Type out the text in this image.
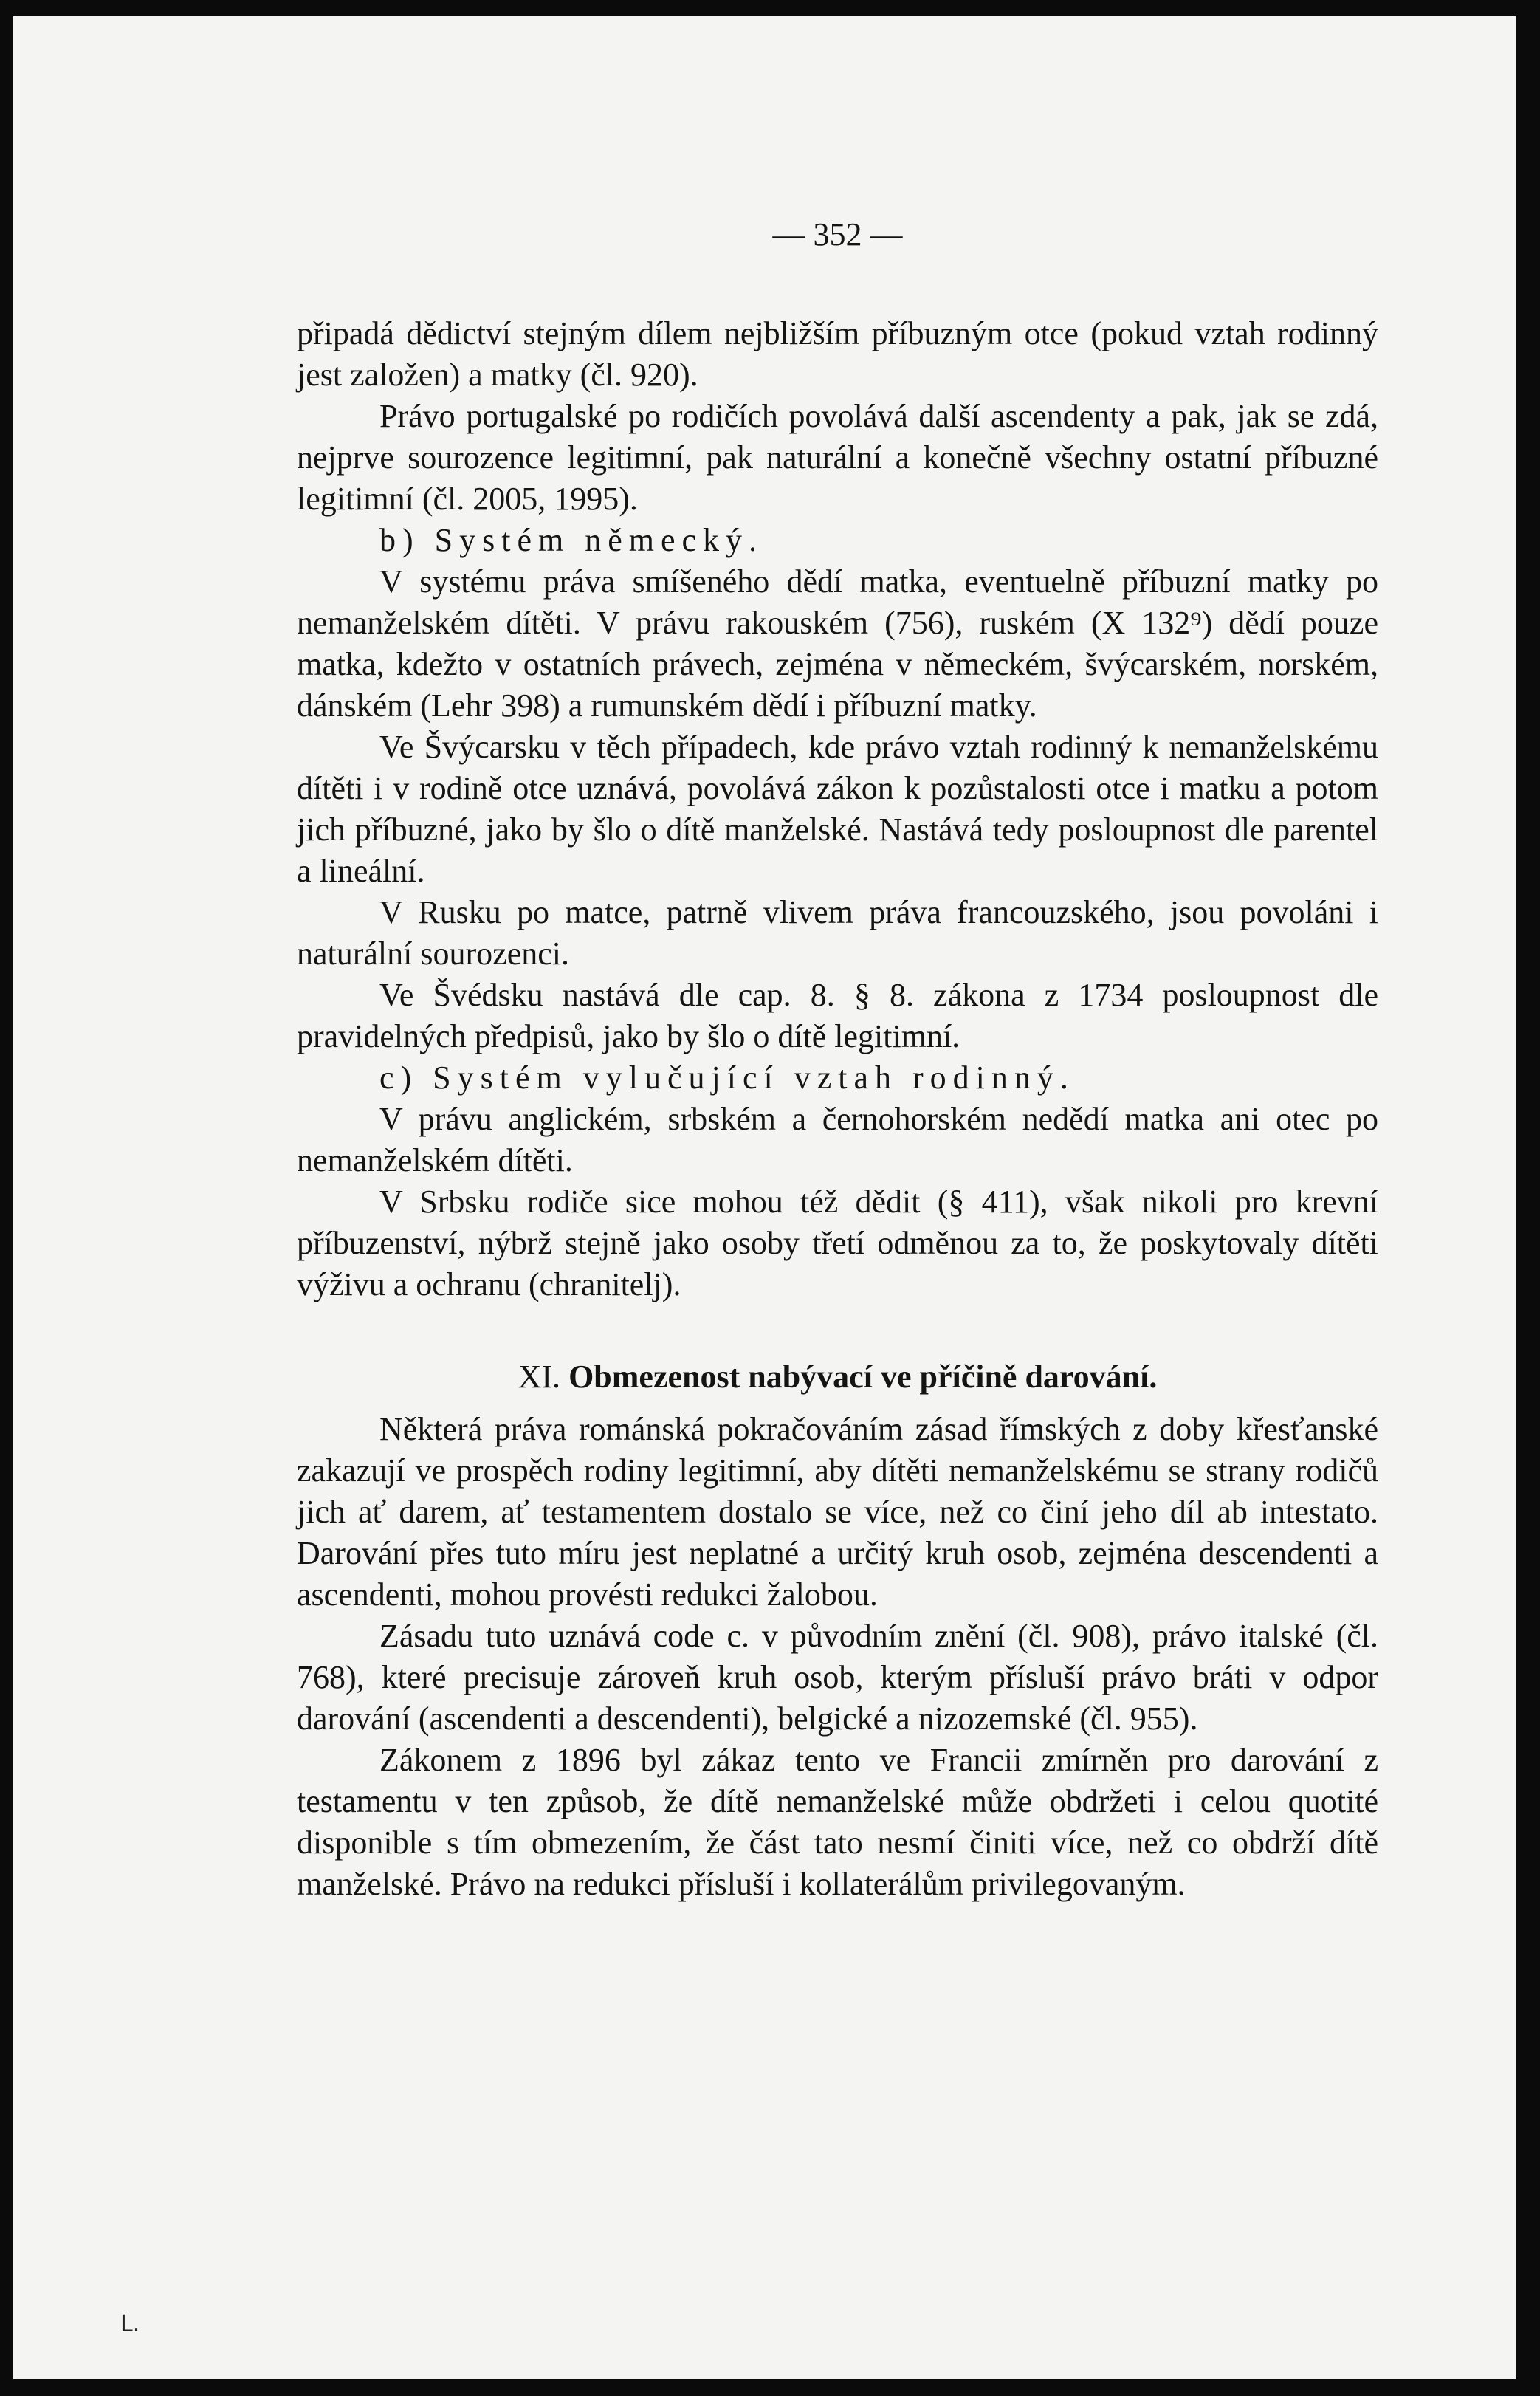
— 352 —

připadá dědictví stejným dílem nejbližším příbuzným otce (pokud vztah rodinný jest založen) a matky (čl. 920).

Právo portugalské po rodičích povolává další ascendenty a pak, jak se zdá, nejprve sourozence legitimní, pak naturální a konečně všechny ostatní příbuzné legitimní (čl. 2005, 1995).

b) Systém německý.

V systému práva smíšeného dědí matka, eventuelně příbuzní matky po nemanželském dítěti. V právu rakouském (756), ruském (X 132⁹) dědí pouze matka, kdežto v ostatních právech, zejména v německém, švýcarském, norském, dánském (Lehr 398) a rumunském dědí i příbuzní matky.

Ve Švýcarsku v těch případech, kde právo vztah rodinný k nemanželskému dítěti i v rodině otce uznává, povolává zákon k pozůstalosti otce i matku a potom jich příbuzné, jako by šlo o dítě manželské. Nastává tedy posloupnost dle parentel a lineální.

V Rusku po matce, patrně vlivem práva francouzského, jsou povoláni i naturální sourozenci.

Ve Švédsku nastává dle cap. 8. § 8. zákona z 1734 posloupnost dle pravidelných předpisů, jako by šlo o dítě legitimní.

c) Systém vylučující vztah rodinný.

V právu anglickém, srbském a černohorském nedědí matka ani otec po nemanželském dítěti.

V Srbsku rodiče sice mohou též dědit (§ 411), však nikoli pro krevní příbuzenství, nýbrž stejně jako osoby třetí odměnou za to, že poskytovaly dítěti výživu a ochranu (chranitelj).

XI. Obmezenost nabývací ve příčině darování.

Některá práva románská pokračováním zásad římských z doby křesťanské zakazují ve prospěch rodiny legitimní, aby dítěti nemanželskému se strany rodičů jich ať darem, ať testamentem dostalo se více, než co činí jeho díl ab intestato. Darování přes tuto míru jest neplatné a určitý kruh osob, zejména descendenti a ascendenti, mohou provésti redukci žalobou.

Zásadu tuto uznává code c. v původním znění (čl. 908), právo italské (čl. 768), které precisuje zároveň kruh osob, kterým přísluší právo bráti v odpor darování (ascendenti a descendenti), belgické a nizozemské (čl. 955).

Zákonem z 1896 byl zákaz tento ve Francii zmírněn pro darování z testamentu v ten způsob, že dítě nemanželské může obdržeti i celou quotité disponible s tím obmezením, že část tato nesmí činiti více, než co obdrží dítě manželské. Právo na redukci přísluší i kollaterálům privilegovaným.

L.
